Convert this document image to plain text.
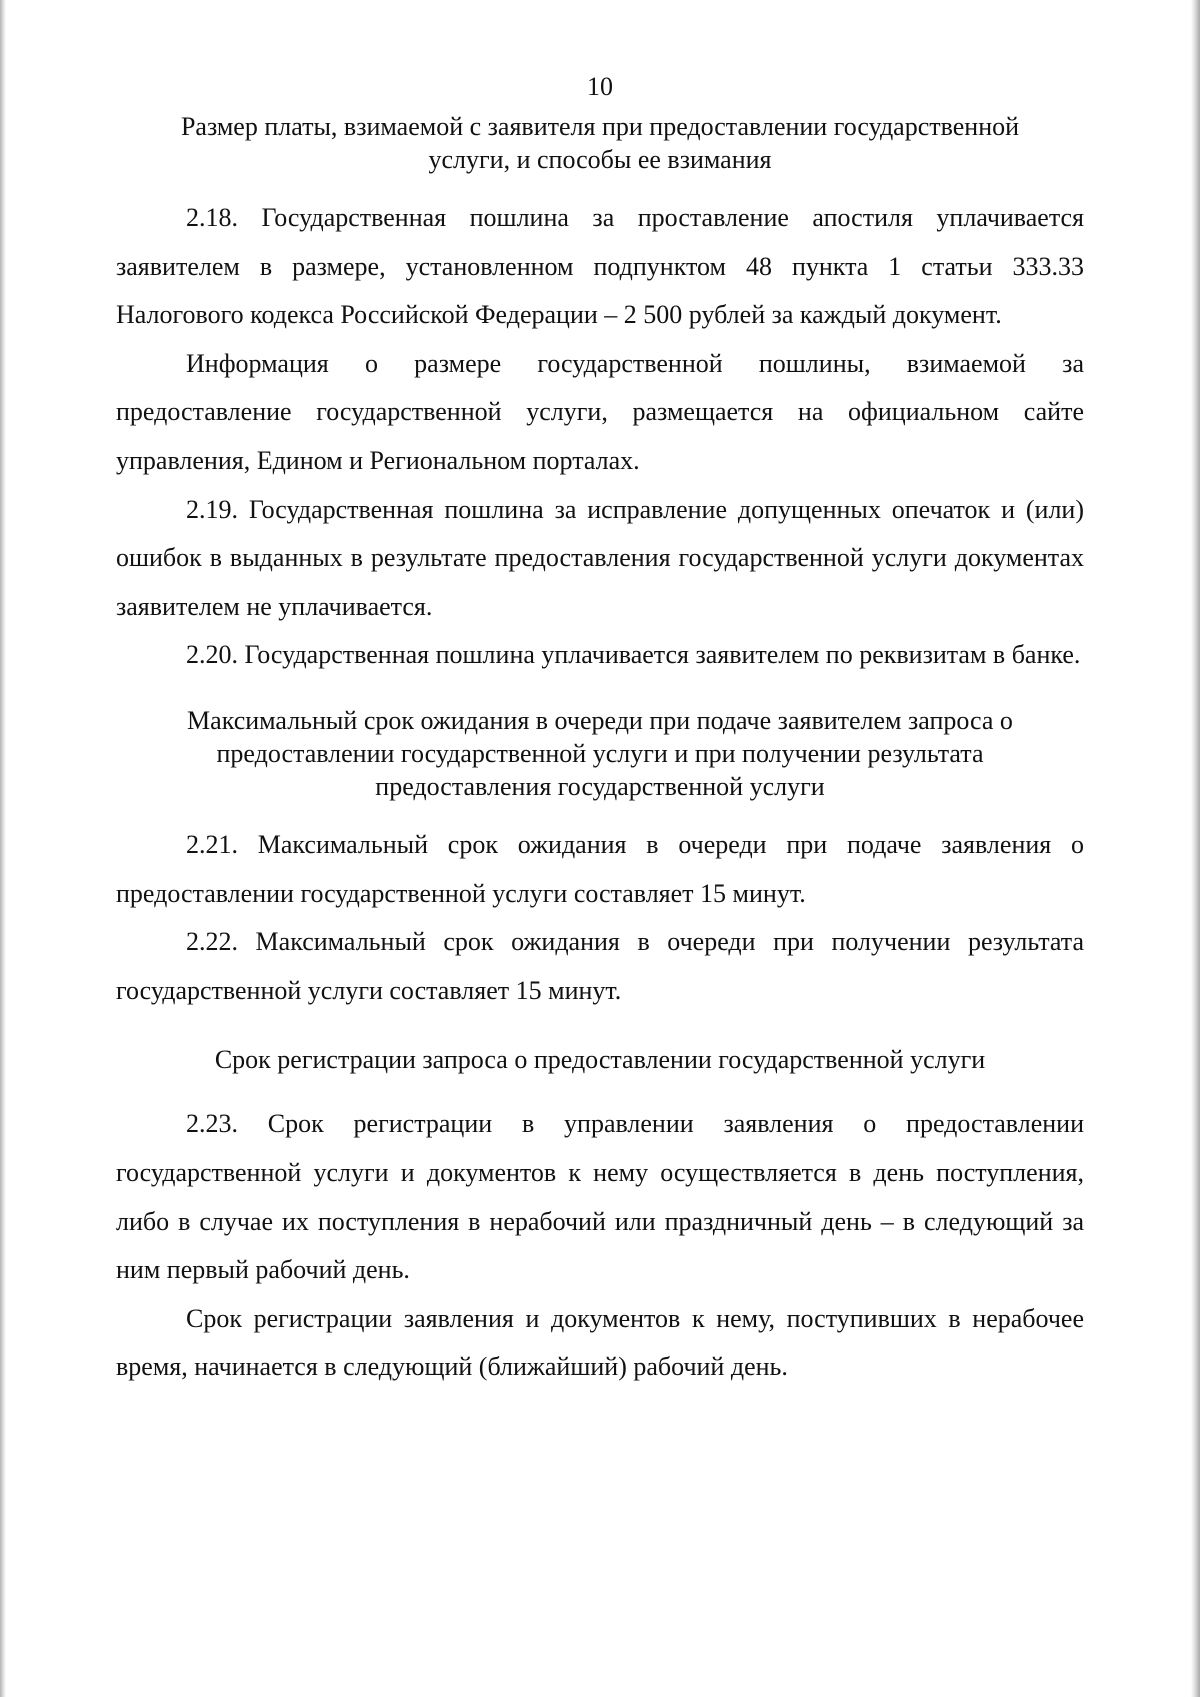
10

Размер платы, взимаемой с заявителя при предоставлении государственной
услуги, и способы ее взимания

2.18. Государственная пошлина за проставление апостиля уплачивается заявителем в размере, установленном подпунктом 48 пункта 1 статьи 333.33 Налогового кодекса Российской Федерации – 2 500 рублей за каждый документ.

Информация о размере государственной пошлины, взимаемой за предоставление государственной услуги, размещается на официальном сайте управления, Едином и Региональном порталах.

2.19. Государственная пошлина за исправление допущенных опечаток и (или) ошибок в выданных в результате предоставления государственной услуги документах заявителем не уплачивается.

2.20. Государственная пошлина уплачивается заявителем по реквизитам в банке.

Максимальный срок ожидания в очереди при подаче заявителем запроса о
предоставлении государственной услуги и при получении результата
предоставления государственной услуги

2.21. Максимальный срок ожидания в очереди при подаче заявления о предоставлении государственной услуги составляет 15 минут.

2.22. Максимальный срок ожидания в очереди при получении результата государственной услуги составляет 15 минут.

Срок регистрации запроса о предоставлении государственной услуги

2.23. Срок регистрации в управлении заявления о предоставлении государственной услуги и документов к нему осуществляется в день поступления, либо в случае их поступления в нерабочий или праздничный день – в следующий за ним первый рабочий день.

Срок регистрации заявления и документов к нему, поступивших в нерабочее время, начинается в следующий (ближайший) рабочий день.
